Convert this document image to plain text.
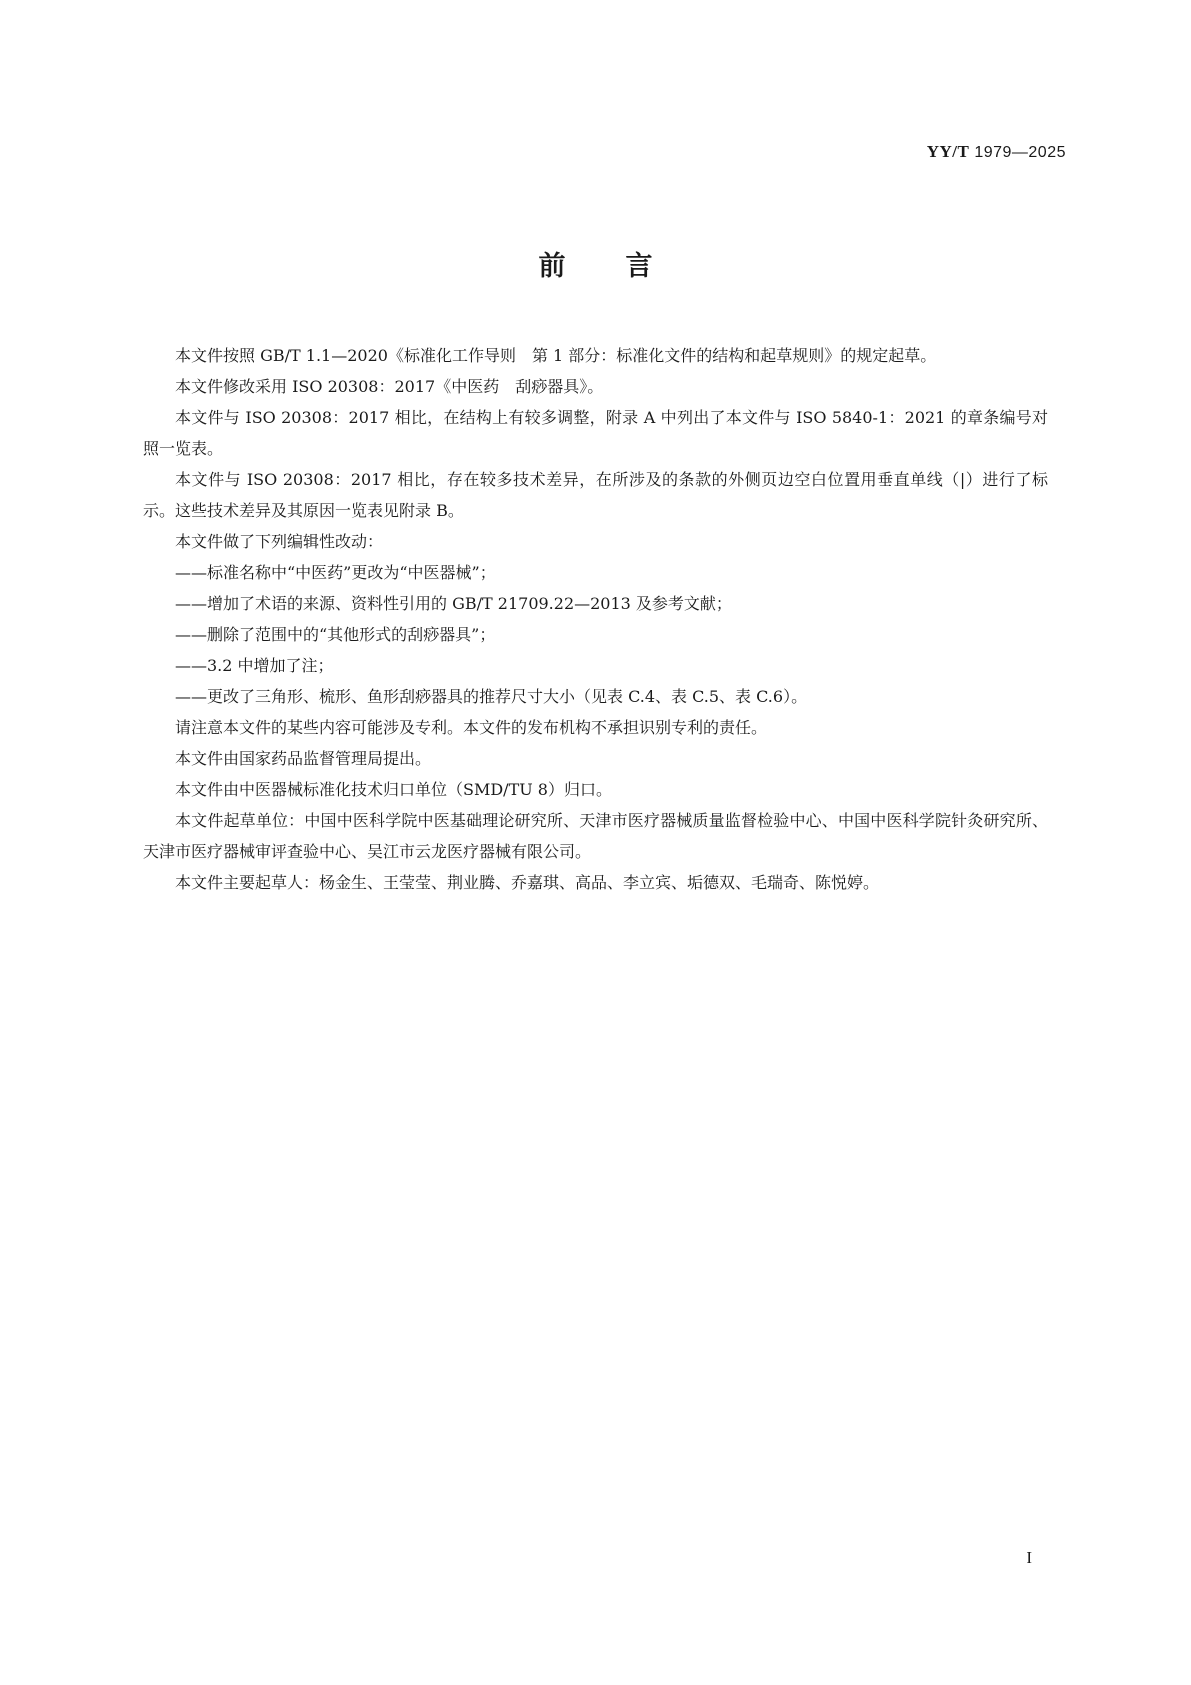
YY/T 1979—2025
前言

本文件按照 GB/T 1.1—2020《标准化工作导则　第 1 部分：标准化文件的结构和起草规则》的规定起草。

本文件修改采用 ISO 20308：2017《中医药　刮痧器具》。

本文件与 ISO 20308：2017 相比，在结构上有较多调整，附录 A 中列出了本文件与 ISO 5840-1：2021 的章条编号对照一览表。

本文件与 ISO 20308：2017 相比，存在较多技术差异，在所涉及的条款的外侧页边空白位置用垂直单线（|）进行了标示。这些技术差异及其原因一览表见附录 B。

本文件做了下列编辑性改动：

——标准名称中“中医药”更改为“中医器械”；

——增加了术语的来源、资料性引用的 GB/T 21709.22—2013 及参考文献；

——删除了范围中的“其他形式的刮痧器具”；

——3.2 中增加了注；

——更改了三角形、梳形、鱼形刮痧器具的推荐尺寸大小（见表 C.4、表 C.5、表 C.6）。

请注意本文件的某些内容可能涉及专利。本文件的发布机构不承担识别专利的责任。

本文件由国家药品监督管理局提出。

本文件由中医器械标准化技术归口单位（SMD/TU 8）归口。

本文件起草单位：中国中医科学院中医基础理论研究所、天津市医疗器械质量监督检验中心、中国中医科学院针灸研究所、天津市医疗器械审评查验中心、吴江市云龙医疗器械有限公司。

本文件主要起草人：杨金生、王莹莹、荆业腾、乔嘉琪、高品、李立宾、垢德双、毛瑞奇、陈悦婷。

I
